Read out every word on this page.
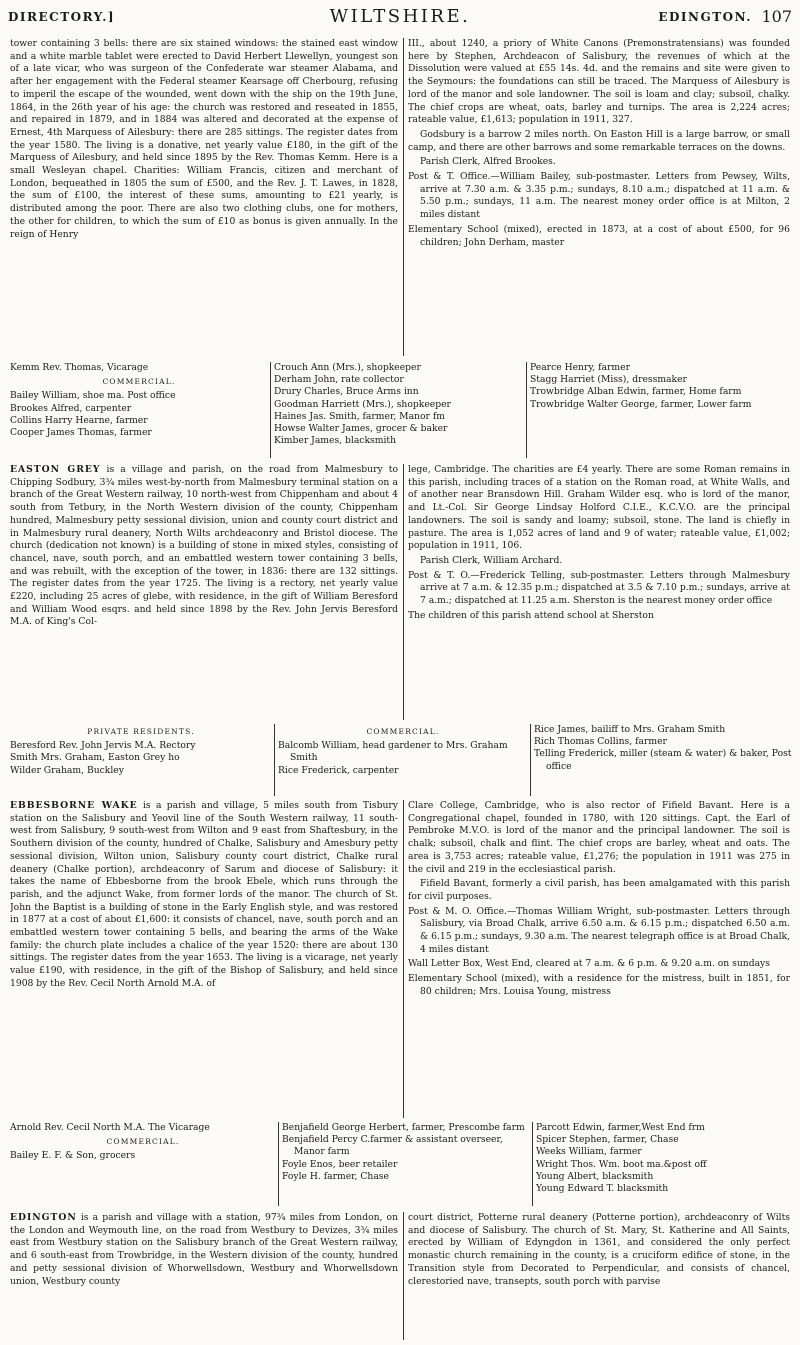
DIRECTORY.]	WILTSHIRE.	EDINGTON. 107

tower containing 3 bells: there are six stained windows: the stained east window and a white marble tablet were erected to David Herbert Llewellyn, youngest son of a late vicar, who was surgeon of the Confederate war steamer Alabama, and after her engagement with the Federal steamer Kearsage off Cherbourg, refusing to imperil the escape of the wounded, went down with the ship on the 19th June, 1864, in the 26th year of his age: the church was restored and reseated in 1855, and repaired in 1879, and in 1884 was altered and decorated at the expense of Ernest, 4th Marquess of Ailesbury: there are 285 sittings. The register dates from the year 1580. The living is a donative, net yearly value £180, in the gift of the Marquess of Ailesbury, and held since 1895 by the Rev. Thomas Kemm. Here is a small Wesleyan chapel. Charities: William Francis, citizen and merchant of London, bequeathed in 1805 the sum of £500, and the Rev. J. T. Lawes, in 1828, the sum of £100, the interest of these sums, amounting to £21 yearly, is distributed among the poor. There are also two clothing clubs, one for mothers, the other for children, to which the sum of £10 as bonus is given annually. In the reign of Henry

III., about 1240, a priory of White Canons (Premonstratensians) was founded here by Stephen, Archdeacon of Salisbury, the revenues of which at the Dissolution were valued at £55 14s. 4d. and the remains and site were given to the Seymours: the foundations can still be traced. The Marquess of Ailesbury is lord of the manor and sole landowner. The soil is loam and clay; subsoil, chalky. The chief crops are wheat, oats, barley and turnips. The area is 2,224 acres; rateable value, £1,613; population in 1911, 327.

Godsbury is a barrow 2 miles north. On Easton Hill is a large barrow, or small camp, and there are other barrows and some remarkable terraces on the downs.

Parish Clerk, Alfred Brookes.

Post & T. Office.—William Bailey, sub-postmaster. Letters from Pewsey, Wilts, arrive at 7.30 a.m. & 3.35 p.m.; sundays, 8.10 a.m.; dispatched at 11 a.m. & 5.50 p.m.; sundays, 11 a.m. The nearest money order office is at Milton, 2 miles distant

Elementary School (mixed), erected in 1873, at a cost of about £500, for 96 children; John Derham, master

Kemm Rev. Thomas, Vicarage
COMMERCIAL.
Bailey William, shoe ma. Post office
Brookes Alfred, carpenter
Collins Harry Hearne, farmer
Cooper James Thomas, farmer
Crouch Ann (Mrs.), shopkeeper
Derham John, rate collector
Drury Charles, Bruce Arms inn
Goodman Harriett (Mrs.), shopkeeper
Haines Jas. Smith, farmer, Manor fm
Howse Walter James, grocer & baker
Kimber James, blacksmith
Pearce Henry, farmer
Stagg Harriet (Miss), dressmaker
Trowbridge Alban Edwin, farmer, Home farm
Trowbridge Walter George, farmer, Lower farm

EASTON GREY is a village and parish, on the road from Malmesbury to Chipping Sodbury, 3¾ miles west-by-north from Malmesbury terminal station on a branch of the Great Western railway, 10 north-west from Chippenham and about 4 south from Tetbury, in the North Western division of the county, Chippenham hundred, Malmesbury petty sessional division, union and county court district and in Malmesbury rural deanery, North Wilts archdeaconry and Bristol diocese. The church (dedication not known) is a building of stone in mixed styles, consisting of chancel, nave, south porch, and an embattled western tower containing 3 bells, and was rebuilt, with the exception of the tower, in 1836: there are 132 sittings. The register dates from the year 1725. The living is a rectory, net yearly value £220, including 25 acres of glebe, with residence, in the gift of William Beresford and William Wood esqrs. and held since 1898 by the Rev. John Jervis Beresford M.A. of King's Col-

lege, Cambridge. The charities are £4 yearly. There are some Roman remains in this parish, including traces of a station on the Roman road, at White Walls, and of another near Bransdown Hill. Graham Wilder esq. who is lord of the manor, and Lt.-Col. Sir George Lindsay Holford C.I.E., K.C.V.O. are the principal landowners. The soil is sandy and loamy; subsoil, stone. The land is chiefly in pasture. The area is 1,052 acres of land and 9 of water; rateable value, £1,002; population in 1911, 106.

Parish Clerk, William Archard.

Post & T. O.—Frederick Telling, sub-postmaster. Letters through Malmesbury arrive at 7 a.m. & 12.35 p.m.; dispatched at 3.5 & 7.10 p.m.; sundays, arrive at 7 a.m.; dispatched at 11.25 a.m. Sherston is the nearest money order office

The children of this parish attend school at Sherston

PRIVATE RESIDENTS.
Beresford Rev. John Jervis M.A. Rectory
Smith Mrs. Graham, Easton Grey ho
Wilder Graham, Buckley
COMMERCIAL.
Balcomb William, head gardener to Mrs. Graham Smith
Rice Frederick, carpenter
Rice James, bailiff to Mrs. Graham Smith
Rich Thomas Collins, farmer
Telling Frederick, miller (steam & water) & baker, Post office

EBBESBORNE WAKE is a parish and village, 5 miles south from Tisbury station on the Salisbury and Yeovil line of the South Western railway, 11 south-west from Salisbury, 9 south-west from Wilton and 9 east from Shaftesbury, in the Southern division of the county, hundred of Chalke, Salisbury and Amesbury petty sessional division, Wilton union, Salisbury county court district, Chalke rural deanery (Chalke portion), archdeaconry of Sarum and diocese of Salisbury: it takes the name of Ebbesborne from the brook Ebele, which runs through the parish, and the adjunct Wake, from former lords of the manor. The church of St. John the Baptist is a building of stone in the Early English style, and was restored in 1877 at a cost of about £1,600: it consists of chancel, nave, south porch and an embattled western tower containing 5 bells, and bearing the arms of the Wake family: the church plate includes a chalice of the year 1520: there are about 130 sittings. The register dates from the year 1653. The living is a vicarage, net yearly value £190, with residence, in the gift of the Bishop of Salisbury, and held since 1908 by the Rev. Cecil North Arnold M.A. of

Clare College, Cambridge, who is also rector of Fifield Bavant. Here is a Congregational chapel, founded in 1780, with 120 sittings. Capt. the Earl of Pembroke M.V.O. is lord of the manor and the principal landowner. The soil is chalk; subsoil, chalk and flint. The chief crops are barley, wheat and oats. The area is 3,753 acres; rateable value, £1,276; the population in 1911 was 275 in the civil and 219 in the ecclesiastical parish.

Fifield Bavant, formerly a civil parish, has been amalgamated with this parish for civil purposes.

Post & M. O. Office.—Thomas William Wright, sub-postmaster. Letters through Salisbury, via Broad Chalk, arrive 6.50 a.m. & 6.15 p.m.; dispatched 6.50 a.m. & 6.15 p.m.; sundays, 9.30 a.m. The nearest telegraph office is at Broad Chalk, 4 miles distant

Wall Letter Box, West End, cleared at 7 a.m. & 6 p.m. & 9.20 a.m. on sundays

Elementary School (mixed), with a residence for the mistress, built in 1851, for 80 children; Mrs. Louisa Young, mistress

Arnold Rev. Cecil North M.A. The Vicarage
COMMERCIAL.
Bailey E. F. & Son, grocers
Benjafield George Herbert, farmer, Prescombe farm
Benjafield Percy C.farmer & assistant overseer, Manor farm
Foyle Enos, beer retailer
Foyle H. farmer, Chase
Parcott Edwin, farmer,West End frm
Spicer Stephen, farmer, Chase
Weeks William, farmer
Wright Thos. Wm. boot ma.&post off
Young Albert, blacksmith
Young Edward T. blacksmith

EDINGTON is a parish and village with a station, 97¾ miles from London, on the London and Weymouth line, on the road from Westbury to Devizes, 3¾ miles east from Westbury station on the Salisbury branch of the Great Western railway, and 6 south-east from Trowbridge, in the Western division of the county, hundred and petty sessional division of Whorwellsdown, Westbury and Whorwellsdown union, Westbury county

court district, Potterne rural deanery (Potterne portion), archdeaconry of Wilts and diocese of Salisbury. The church of St. Mary, St. Katherine and All Saints, erected by William of Edyngdon in 1361, and considered the only perfect monastic church remaining in the county, is a cruciform edifice of stone, in the Transition style from Decorated to Perpendicular, and consists of chancel, clerestoried nave, transepts, south porch with parvise
